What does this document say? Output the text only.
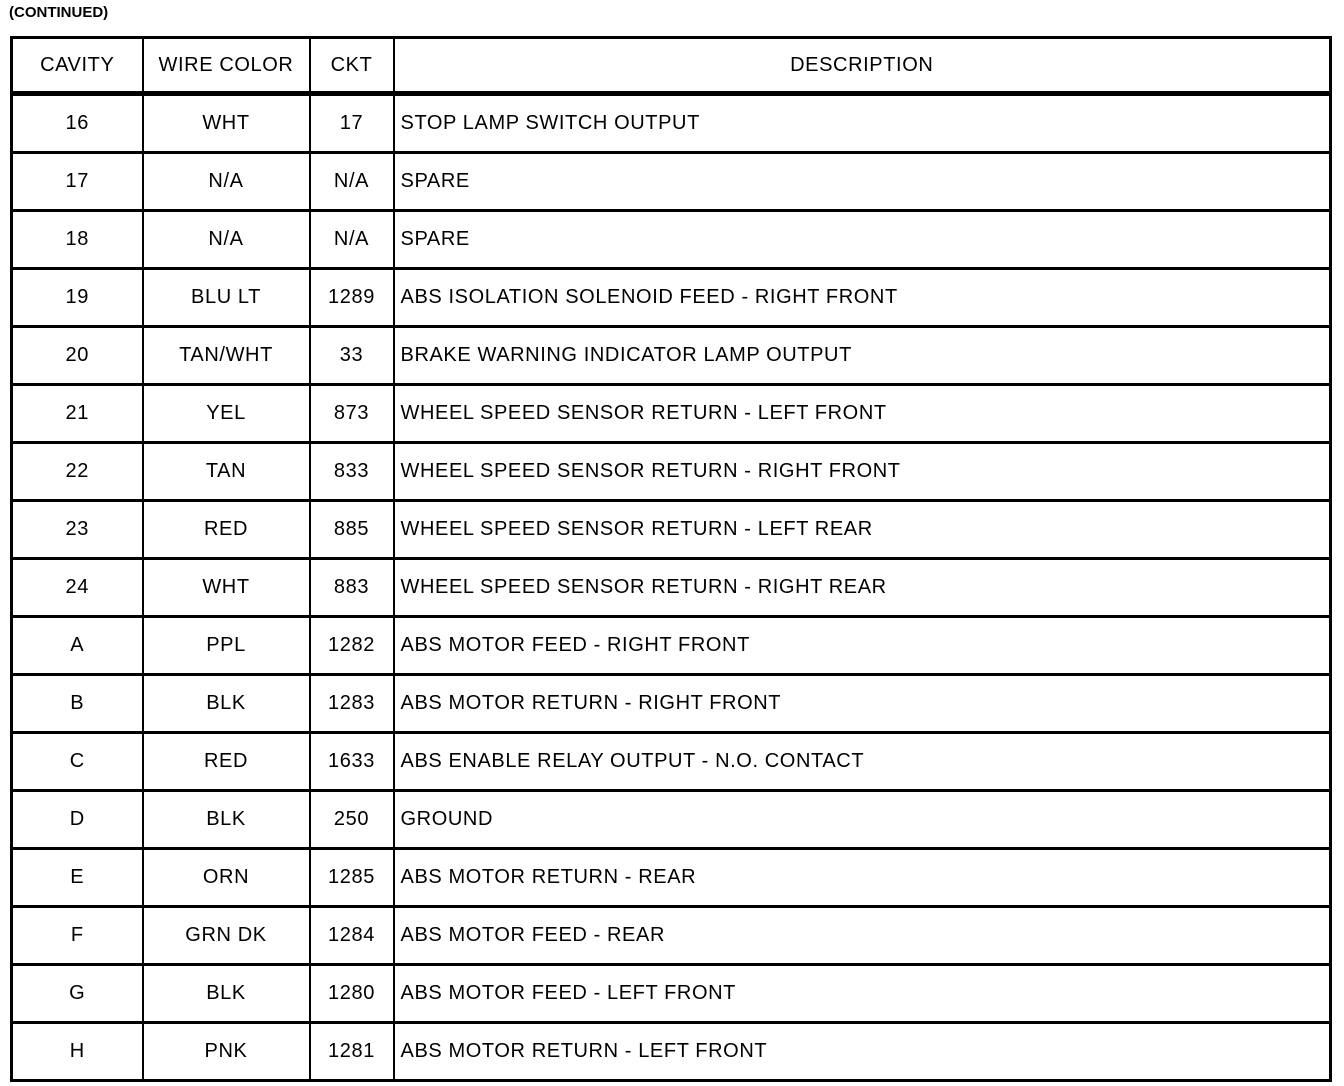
(CONTINUED)
CAVITY	WIRE COLOR	CKT	DESCRIPTION
16	WHT	17	STOP LAMP SWITCH OUTPUT
17	N/A	N/A	SPARE
18	N/A	N/A	SPARE
19	BLU LT	1289	ABS ISOLATION SOLENOID FEED - RIGHT FRONT
20	TAN/WHT	33	BRAKE WARNING INDICATOR LAMP OUTPUT
21	YEL	873	WHEEL SPEED SENSOR RETURN - LEFT FRONT
22	TAN	833	WHEEL SPEED SENSOR RETURN - RIGHT FRONT
23	RED	885	WHEEL SPEED SENSOR RETURN - LEFT REAR
24	WHT	883	WHEEL SPEED SENSOR RETURN - RIGHT REAR
A	PPL	1282	ABS MOTOR FEED - RIGHT FRONT
B	BLK	1283	ABS MOTOR RETURN - RIGHT FRONT
C	RED	1633	ABS ENABLE RELAY OUTPUT - N.O. CONTACT
D	BLK	250	GROUND
E	ORN	1285	ABS MOTOR RETURN - REAR
F	GRN DK	1284	ABS MOTOR FEED - REAR
G	BLK	1280	ABS MOTOR FEED - LEFT FRONT
H	PNK	1281	ABS MOTOR RETURN - LEFT FRONT
